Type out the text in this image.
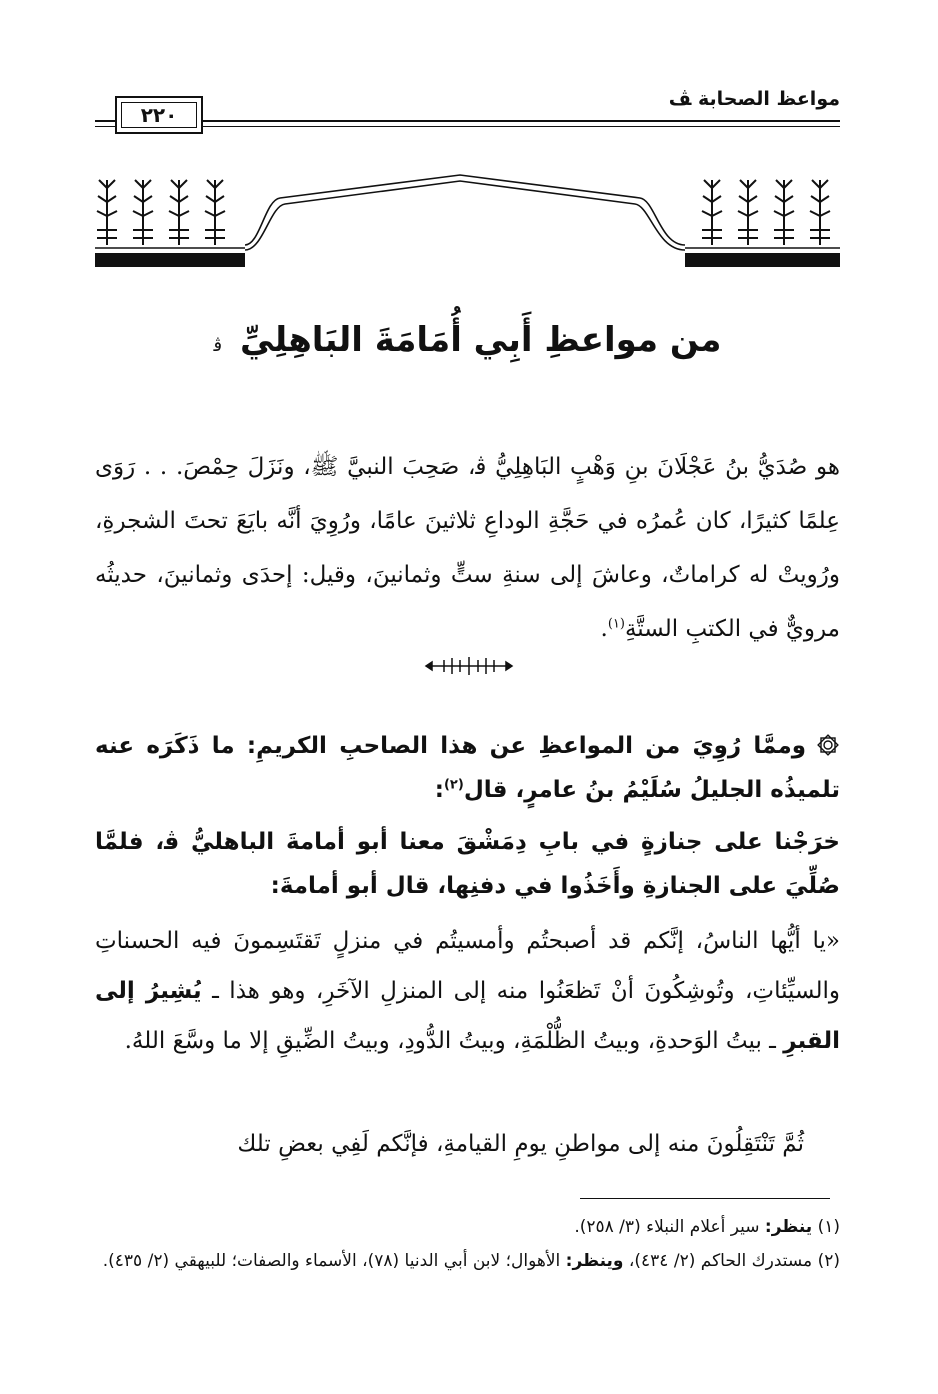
مواعظ الصحابة ﭫ
٢٢٠
من مواعظِ أَبِي أُمَامَةَ البَاهِلِيِّ ﭬ
هو صُدَيُّ بنُ عَجْلَانَ بنِ وَهْبٍ البَاهِلِيُّ ﭬ، صَحِبَ النبيَّ ﷺ، ونَزَلَ حِمْصَ. . . رَوَى عِلمًا كثيرًا، كان عُمرُه في حَجَّةِ الوداعِ ثلاثينَ عامًا، ورُوِيَ أنَّه بايَعَ تحتَ الشجرةِ، ورُويتْ له كراماتٌ، وعاشَ إلى سنةِ ستٍّ وثمانينَ، وقيل: إحدَى وثمانينَ، حديثُه مرويٌّ في الكتبِ الستَّةِ$^{(١)}$.
وممَّا رُوِيَ من المواعظِ عن هذا الصاحبِ الكريمِ: ما ذَكَرَه عنه تلميذُه الجليلُ سُلَيْمُ بنُ عامرٍ، قال$^{(٢)}$:
خرَجْنا على جنازةٍ في بابِ دِمَشْقَ معنا أبو أمامةَ الباهليُّ ﭬ، فلمَّا صُلِّيَ على الجنازةِ وأَخَذُوا في دفنِها، قال أبو أمامةَ:
«يا أيُّها الناسُ، إنَّكم قد أصبحتُم وأمسيتُم في منزلٍ تَقتَسِمونَ فيه الحسناتِ والسيِّئاتِ، وتُوشِكُونَ أنْ تَظعَنُوا منه إلى المنزلِ الآخَرِ، وهو هذا ـ يُشِيرُ إلى القبرِ ـ بيتُ الوَحدةِ، وبيتُ الظُّلْمَةِ، وبيتُ الدُّودِ، وبيتُ الضِّيقِ إلا ما وسَّعَ اللهُ.
ثُمَّ تَنْتَقِلُونَ منه إلى مواطنِ يومِ القيامةِ، فإنَّكم لَفِي بعضِ تلك
(١) ينظر: سير أعلام النبلاء (٣/ ٢٥٨).
(٢) مستدرك الحاكم (٢/ ٤٣٤)، وينظر: الأهوال؛ لابن أبي الدنيا (٧٨)، الأسماء والصفات؛ للبيهقي (٢/ ٤٣٥).
